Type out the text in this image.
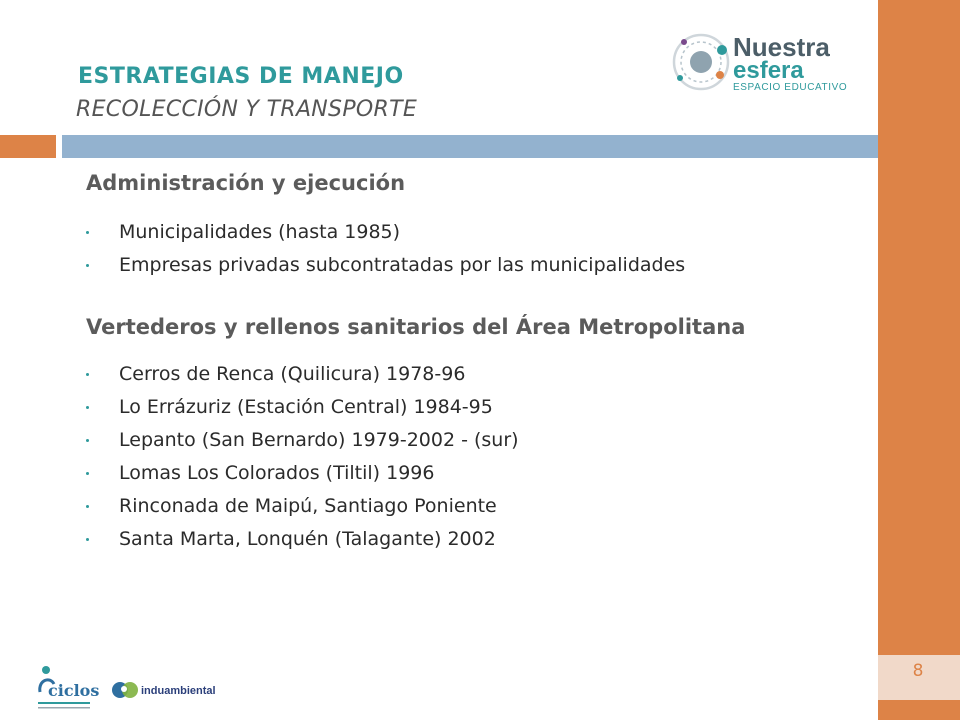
8
ESTRATEGIAS DE MANEJO
RECOLECCIÓN Y TRANSPORTE
Nuestra
esfera
ESPACIO EDUCATIVO
Administración y ejecución
Municipalidades (hasta 1985)
Empresas privadas subcontratadas por las municipalidades
Vertederos y rellenos sanitarios del Área Metropolitana
Cerros de Renca (Quilicura) 1978-96
Lo Errázuriz (Estación Central) 1984-95
Lepanto (San Bernardo) 1979-2002 - (sur)
Lomas Los Colorados (Tiltil) 1996
Rinconada de Maipú, Santiago Poniente
Santa Marta, Lonquén (Talagante) 2002
ciclos	induambiental
